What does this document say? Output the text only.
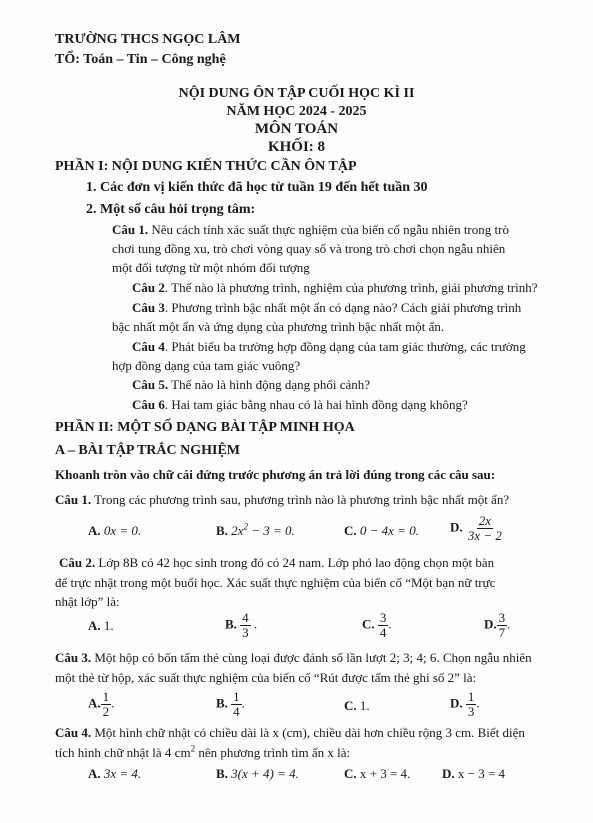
TRƯỜNG THCS NGỌC LÂM
TỔ: Toán – Tin – Công nghệ
NỘI DUNG ÔN TẬP CUỐI HỌC KÌ II
NĂM HỌC 2024 - 2025
MÔN TOÁN
KHỐI: 8
PHẦN I: NỘI DUNG KIẾN THỨC CẦN ÔN TẬP
1. Các đơn vị kiến thức đã học từ tuần 19 đến hết tuần 30
2. Một số câu hỏi trọng tâm:
Câu 1. Nêu cách tính xác suất thực nghiệm của biến cố ngẫu nhiên trong trò
chơi tung đồng xu, trò chơi vòng quay số và trong trò chơi chọn ngẫu nhiên
một đối tượng từ một nhóm đối tượng
Câu 2. Thế nào là phương trình, nghiệm của phương trình, giải phương trình?
Câu 3. Phương trình bậc nhất một ẩn có dạng nào? Cách giải phương trình
bậc nhất một ẩn và ứng dụng của phương trình bậc nhất một ẩn.
Câu 4. Phát biểu ba trường hợp đồng dạng của tam giác thường, các trường
hợp đồng dạng của tam giác vuông?
Câu 5. Thế nào là hình động dạng phối cảnh?
Câu 6. Hai tam giác bằng nhau có là hai hình đồng dạng không?
PHẦN II: MỘT SỐ DẠNG BÀI TẬP MINH HỌA
A – BÀI TẬP TRẮC NGHIỆM
Khoanh tròn vào chữ cái đứng trước phương án trả lời đúng trong các câu sau:
Câu 1. Trong các phương trình sau, phương trình nào là phương trình bậc nhất một ẩn?
A. 0x = 0.	B. $2x^2 - 3 = 0$.	C. 0 − 4x = 0. D. $\frac{2x}{3x - 2}$
Câu 2. Lớp 8B có 42 học sinh trong đó có 24 nam. Lớp phó lao động chọn một bàn
để trực nhật trong một buổi học. Xác suất thực nghiệm của biến cố “Một bạn nữ trực
nhật lớp” là:
A. 1.	B. $\frac{4}{3}$ .	C. $\frac{3}{4}$ .	D. $\frac{3}{7}$ .
Câu 3. Một hộp có bốn tấm thẻ cùng loại được đánh số lần lượt 2; 3; 4; 6. Chọn ngẫu nhiên
một thẻ từ hộp, xác suất thực nghiệm của biến cố “Rút được tấm thẻ ghi số 2” là:
A. $\frac{1}{2}$ .	B. $\frac{1}{4}$ .	C. 1.	D. $\frac{1}{3}$ .
Câu 4. Một hình chữ nhật có chiều dài là x (cm), chiều dài hơn chiều rộng 3 cm. Biết diện
tích hình chữ nhật là 4 $cm^2$ nên phương trình tìm ẩn x là:
A. 3x = 4.	B. 3(x + 4) = 4.	C. x + 3 = 4. D. x − 3 = 4
